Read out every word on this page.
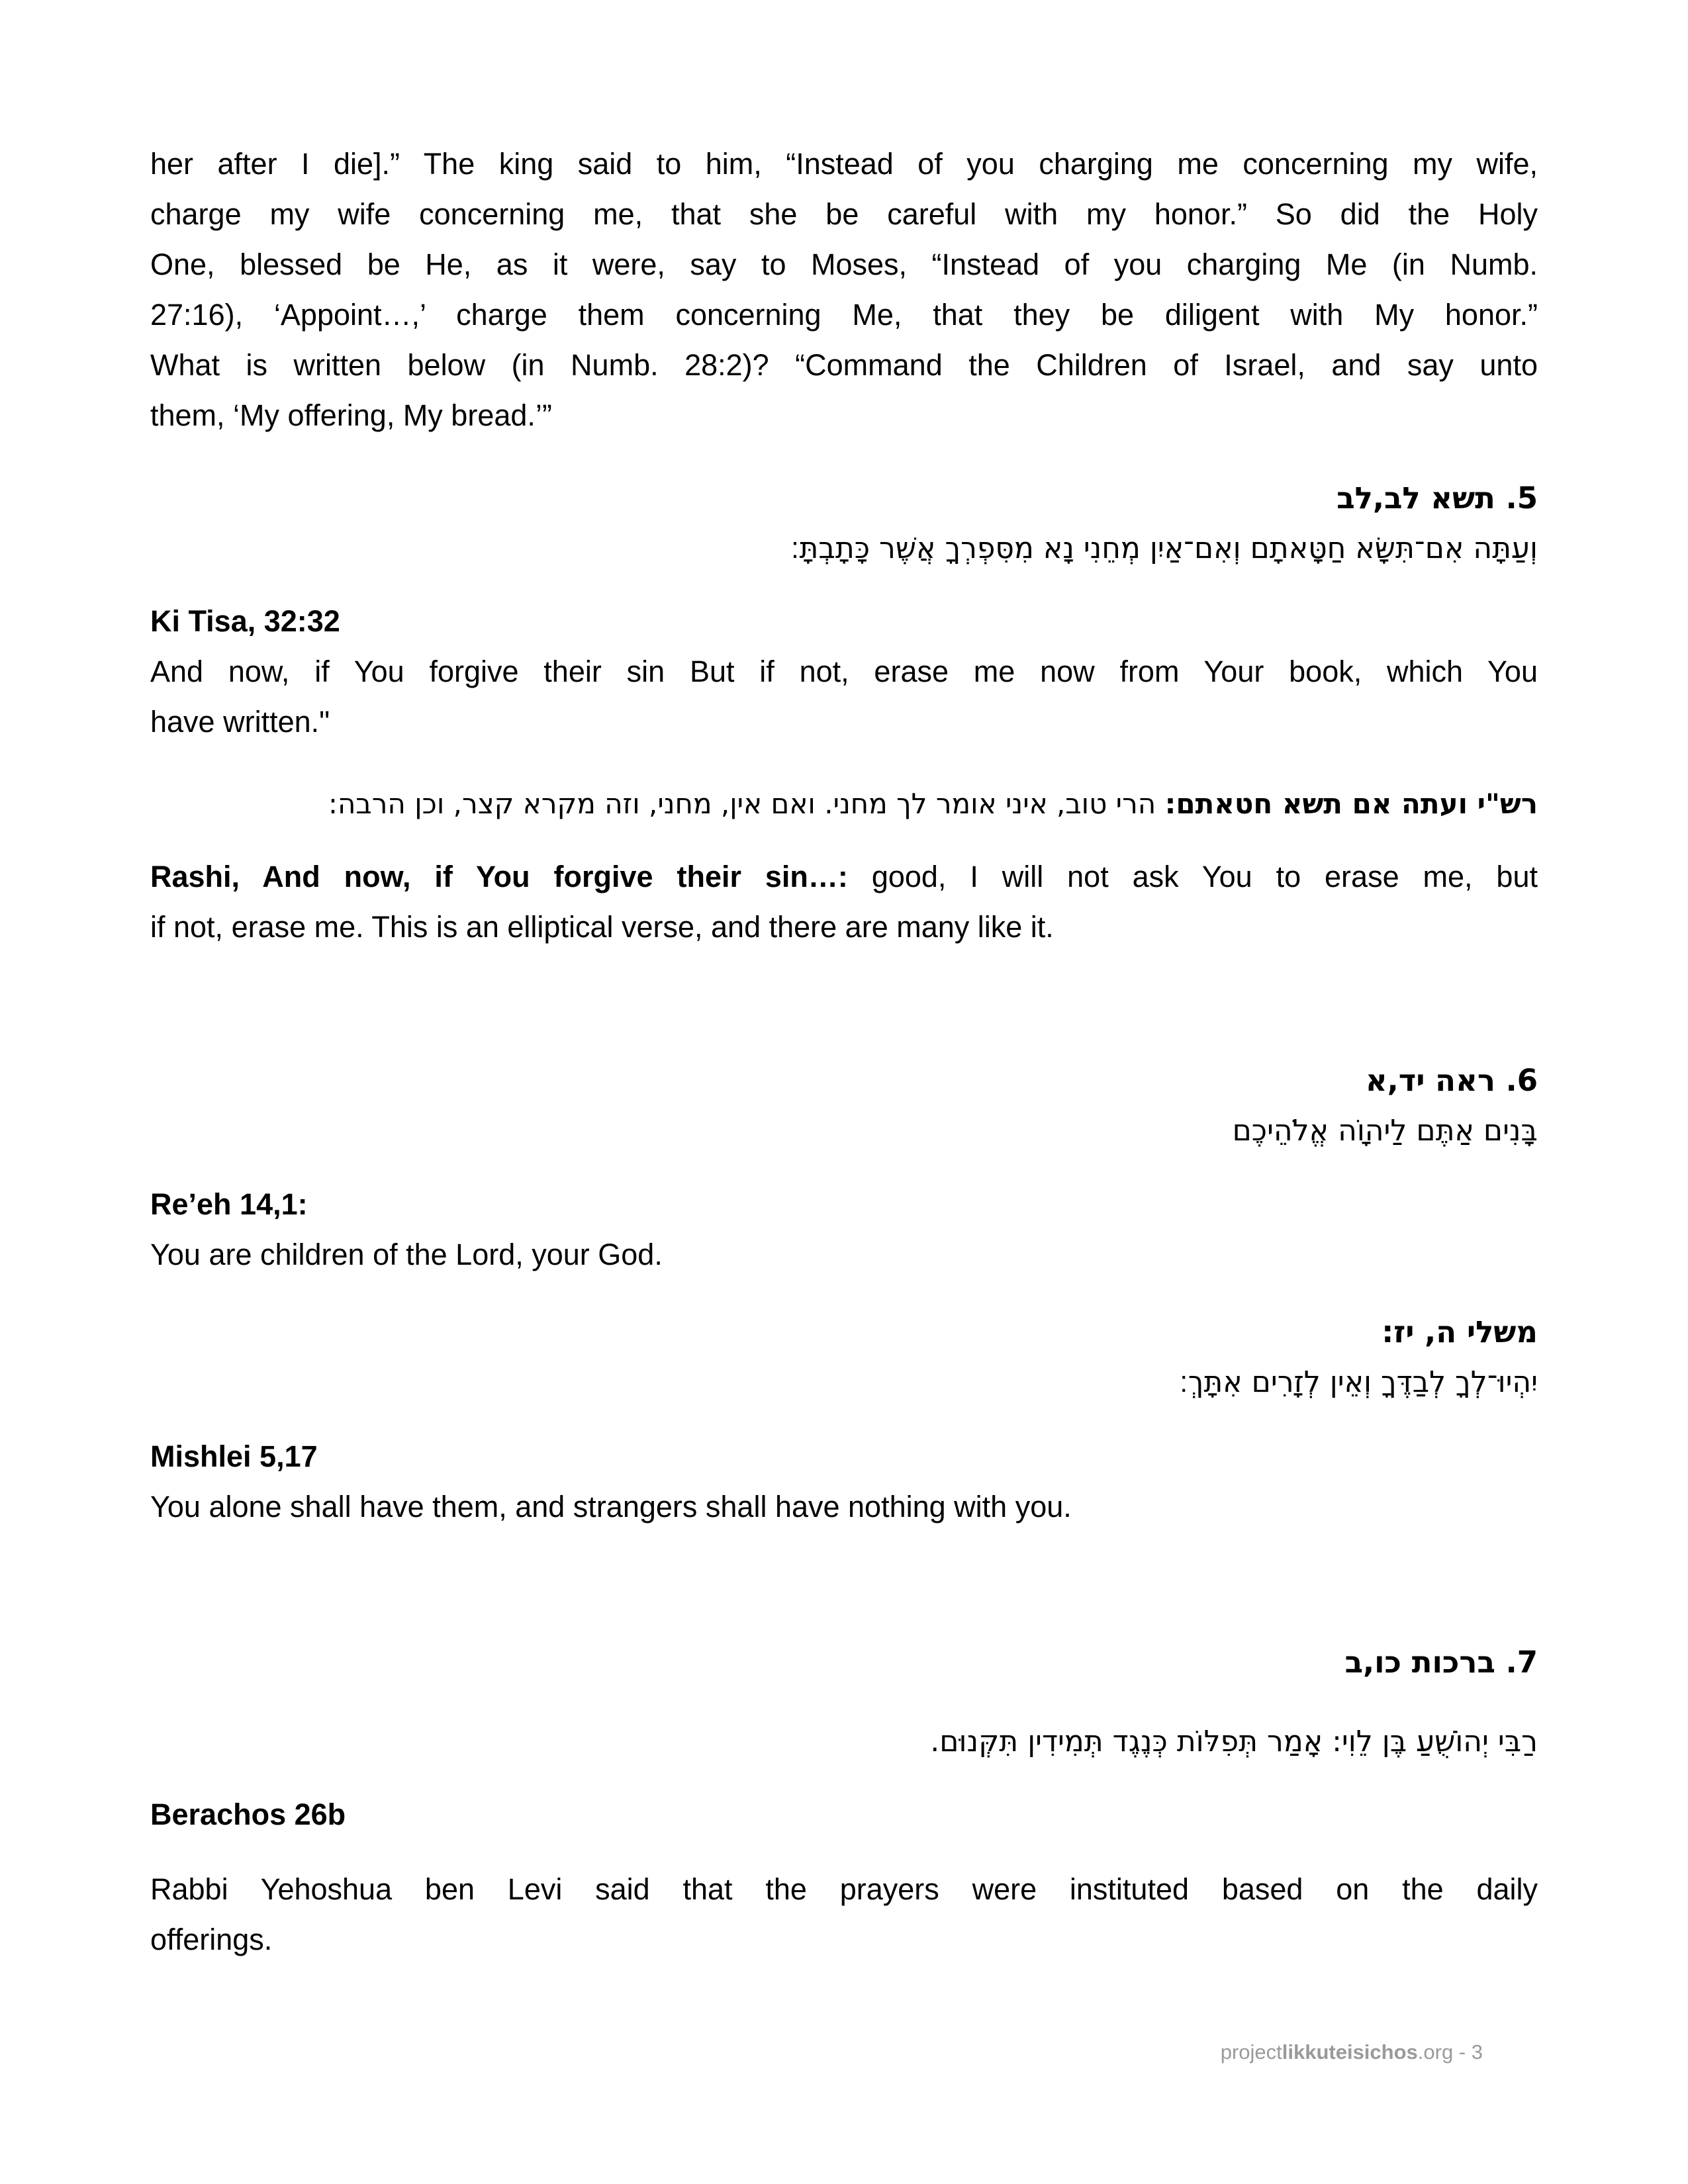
her after I die].” The king said to him, “Instead of you charging me concerning my wife,
charge my wife concerning me, that she be careful with my honor.” So did the Holy
One, blessed be He, as it were, say to Moses, “Instead of you charging Me (in Numb.
27:16), ‘Appoint…,’ charge them concerning Me, that they be diligent with My honor.”
What is written below (in Numb. 28:2)? “Command the Children of Israel, and say unto
them, ‘My offering, My bread.’”
5. תשא לב,לב
וְעַתָּה אִם־תִּשָּׂא חַטָּאתָם וְאִם־אַיִן מְחֵנִי נָא מִסִּפְרְךָ אֲשֶׁר כָּתָבְתָּ׃
Ki Tisa, 32:32
And now, if You forgive their sin But if not, erase me now from Your book, which You
have written."
רש"י ועתה אם תשא חטאתם: הרי טוב, איני אומר לך מחני. ואם אין, מחני, וזה מקרא קצר, וכן הרבה:
Rashi, And now, if You forgive their sin…: good, I will not ask You to erase me, but
if not, erase me. This is an elliptical verse, and there are many like it.
6. ראה יד,א
בָּנִים אַתֶּם לַיהוָֹה אֱלֹהֵיכֶם
Re’eh 14,1:
You are children of the Lord, your God.
משלי ה, יז:
יִהְיוּ־לְךָ לְבַדֶּךָ וְאֵין לְזָרִים אִתָּךְ׃
Mishlei 5,17
You alone shall have them, and strangers shall have nothing with you.
7. ברכות כו,ב
רַבִּי יְהוֹשֻׁעַ בֶּן לֵוִי: אָמַר תְּפִלּוֹת כְּנֶגֶד תְּמִידִין תִּקְּנוּם.
Berachos 26b
Rabbi Yehoshua ben Levi said that the prayers were instituted based on the daily
offerings.
projectlikkuteisichos.org - 3
